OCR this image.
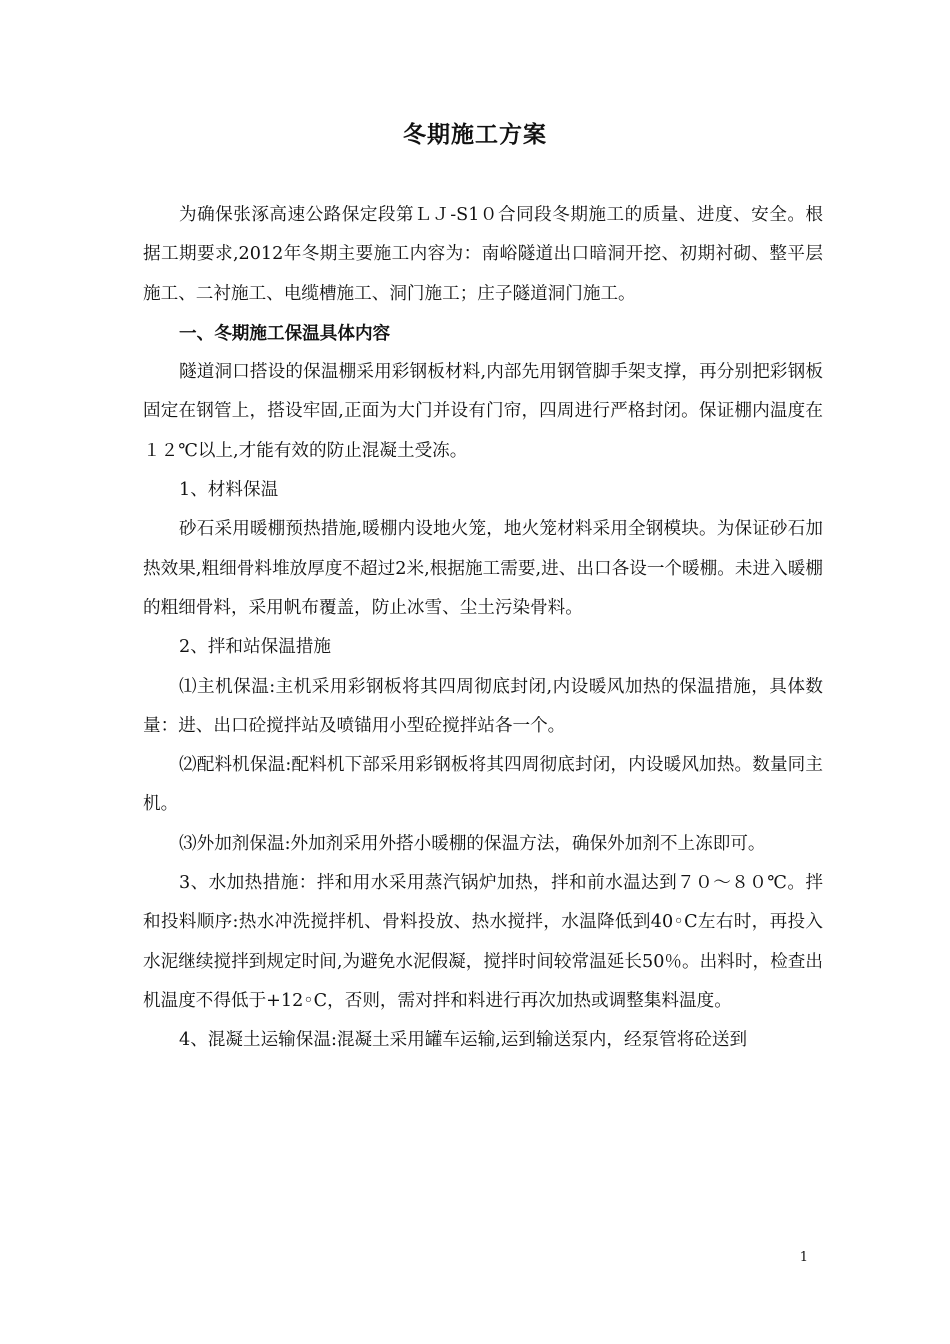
冬期施工方案

为确保张涿高速公路保定段第ＬＪ-S1０合同段冬期施工的质量、进度、安全。根据工期要求,2012年冬期主要施工内容为：南峪隧道出口暗洞开挖、初期衬砌、整平层施工、二衬施工、电缆槽施工、洞门施工；庄子隧道洞门施工。

一、冬期施工保温具体内容

隧道洞口搭设的保温棚采用彩钢板材料,内部先用钢管脚手架支撑，再分别把彩钢板固定在钢管上，搭设牢固,正面为大门并设有门帘，四周进行严格封闭。保证棚内温度在１２℃以上,才能有效的防止混凝土受冻。

1、材料保温

砂石采用暖棚预热措施,暖棚内设地火笼，地火笼材料采用全钢模块。为保证砂石加热效果,粗细骨料堆放厚度不超过2米,根据施工需要,进、出口各设一个暖棚。未进入暖棚的粗细骨料，采用帆布覆盖，防止冰雪、尘土污染骨料。

2、拌和站保温措施

⑴主机保温:主机采用彩钢板将其四周彻底封闭,内设暖风加热的保温措施，具体数量：进、出口砼搅拌站及喷锚用小型砼搅拌站各一个。

⑵配料机保温:配料机下部采用彩钢板将其四周彻底封闭，内设暖风加热。数量同主机。

⑶外加剂保温:外加剂采用外搭小暖棚的保温方法，确保外加剂不上冻即可。

3、水加热措施：拌和用水采用蒸汽锅炉加热，拌和前水温达到７０～８０℃。拌和投料顺序:热水冲洗搅拌机、骨料投放、热水搅拌，水温降低到40◦C左右时，再投入水泥继续搅拌到规定时间,为避免水泥假凝，搅拌时间较常温延长50％。出料时，检查出机温度不得低于+12◦C，否则，需对拌和料进行再次加热或调整集料温度。

4、混凝土运输保温:混凝土采用罐车运输,运到输送泵内，经泵管将砼送到

1
